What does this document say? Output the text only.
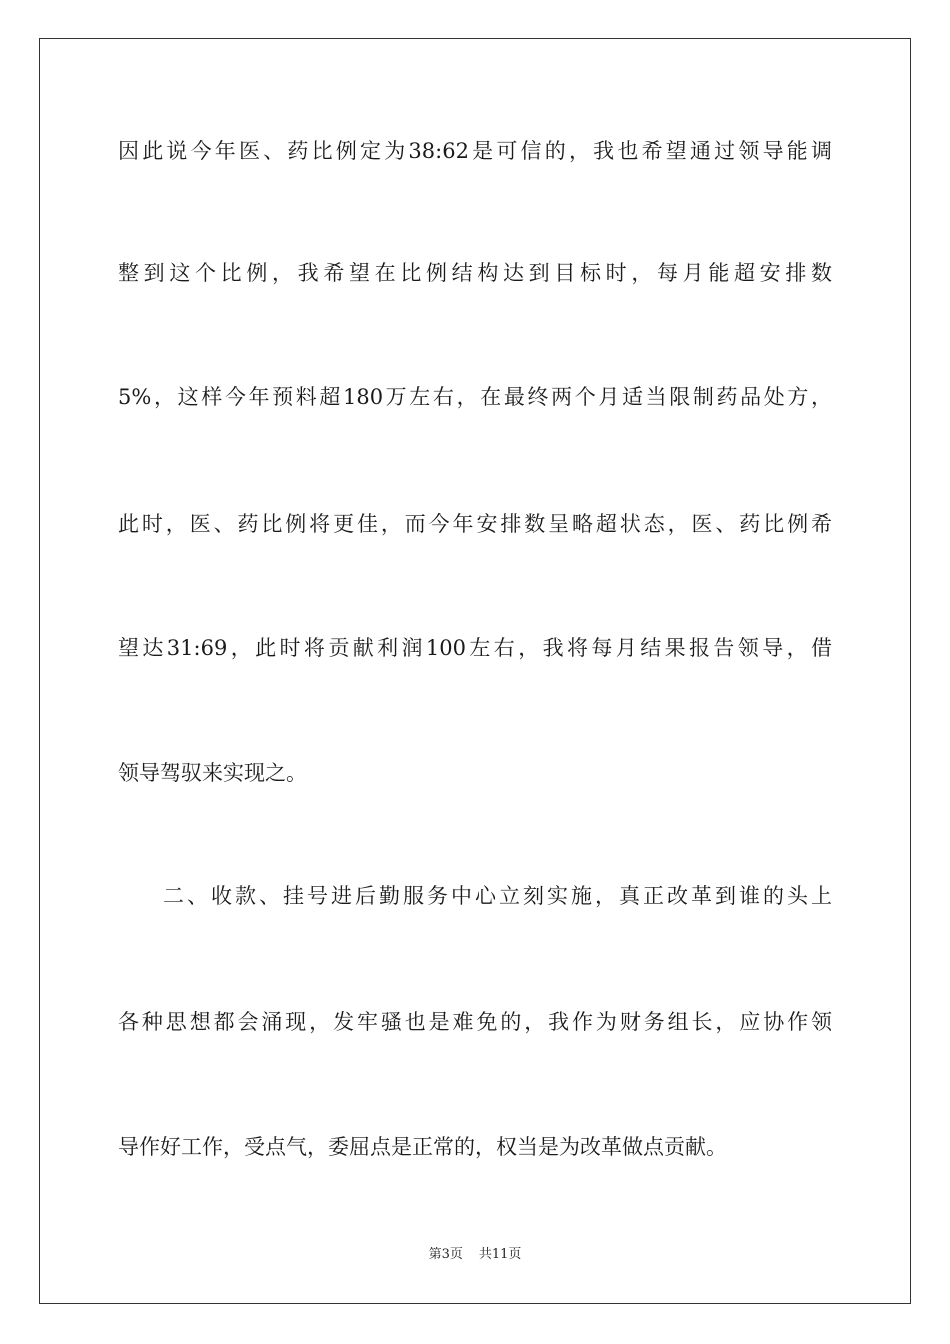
因此说今年医、药比例定为38:62是可信的，我也希望通过领导能调
整到这个比例，我希望在比例结构达到目标时，每月能超安排数
5%，这样今年预料超180万左右，在最终两个月适当限制药品处方，
此时，医、药比例将更佳，而今年安排数呈略超状态，医、药比例希
望达31:69，此时将贡献利润100左右，我将每月结果报告领导，借
领导驾驭来实现之。
二、收款、挂号进后勤服务中心立刻实施，真正改革到谁的头上
各种思想都会涌现，发牢骚也是难免的，我作为财务组长，应协作领
导作好工作，受点气，委屈点是正常的，权当是为改革做点贡献。
第3页 共11页
